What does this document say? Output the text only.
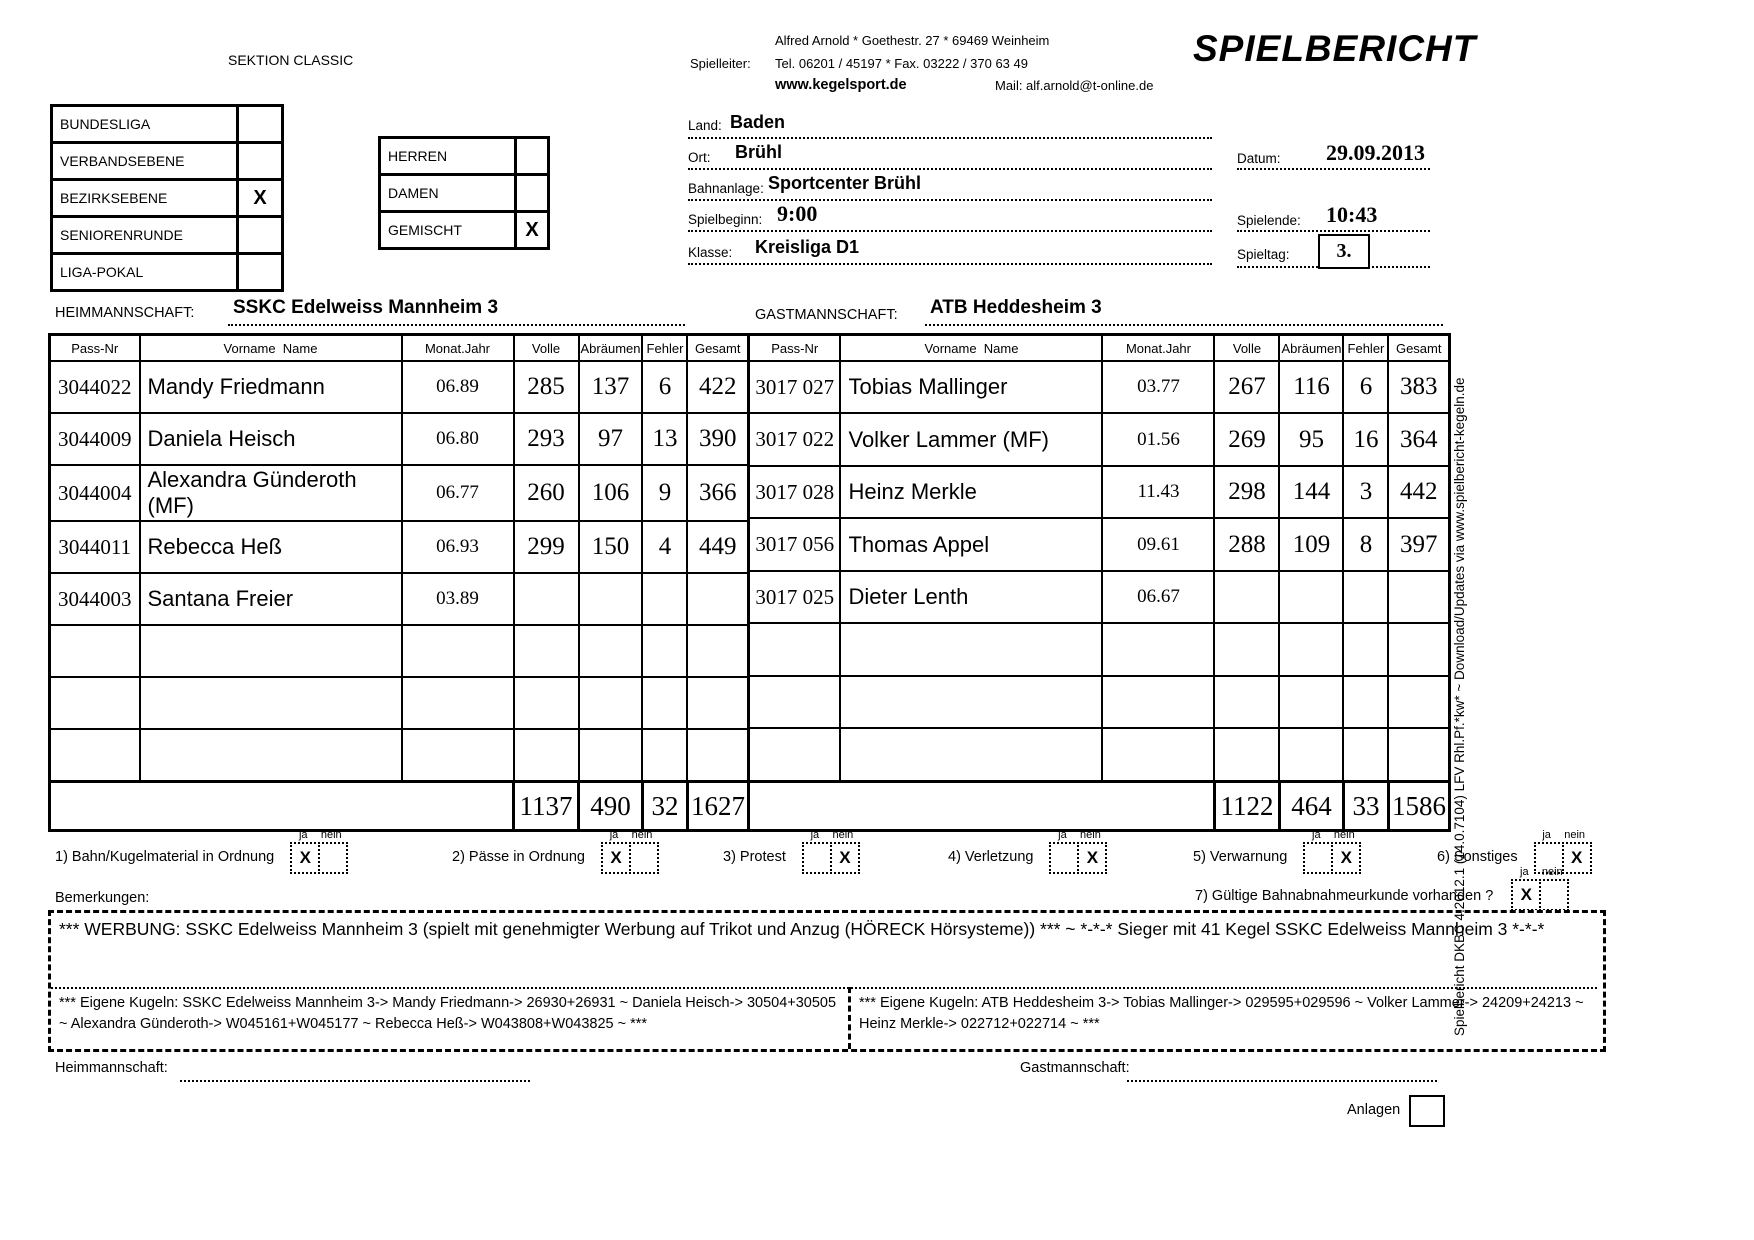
SEKTION CLASSIC	SPIELBERICHT
Spielleiter:
Alfred Arnold * Goethestr. 27 * 69469 Weinheim
Tel. 06201 / 45197 * Fax. 03222 / 370 63 49
www.kegelsport.de	Mail: alf.arnold@t-online.de
BUNDESLIGA	
VERBANDSEBENE	
BEZIRKSEBENE	X
SENIORENRUNDE	
LIGA-POKAL	
HERREN	
DAMEN	
GEMISCHT	X
Land: Baden
Ort: Brühl	Datum: 29.09.2013
Bahnanlage: Sportcenter Brühl
Spielbeginn: 9:00	Spielende: 10:43
Klasse: Kreisliga D1	Spieltag: 3.
HEIMMANNSCHAFT: SSKC Edelweiss Mannheim 3	GASTMANNSCHAFT: ATB Heddesheim 3
Pass-Nr	Vorname  Name	Monat.Jahr	Volle	Abräumen	Fehler	Gesamt
3044022	Mandy Friedmann	06.89	285	137	6	422
3044009	Daniela Heisch	06.80	293	97	13	390
3044004	Alexandra Günderoth (MF)	06.77	260	106	9	366
3044011	Rebecca Heß	06.93	299	150	4	449
3044003	Santana Freier	03.89				

			1137	490	32	1627
Pass-Nr	Vorname  Name	Monat.Jahr	Volle	Abräumen	Fehler	Gesamt
3017 027	Tobias Mallinger	03.77	267	116	6	383
3017 022	Volker Lammer (MF)	01.56	269	95	16	364
3017 028	Heinz Merkle	11.43	298	144	3	442
3017 056	Thomas Appel	09.61	288	109	8	397
3017 025	Dieter Lenth	06.67				

			1122	464	33	1586
1) Bahn/Kugelmaterial in Ordnung
ja	nein
X	2) Pässe in Ordnung
ja	nein
X	3) Protest
ja	nein
X	4) Verletzung
ja	nein
X	5) Verwarnung
ja	nein
X	6) Sonstiges
ja	nein
X
7) Gültige Bahnabnahmeurkunde vorhanden ?
ja	nein
X
Bemerkungen:
*** WERBUNG: SSKC Edelweiss Mannheim 3 (spielt mit genehmigter Werbung auf Trikot und Anzug (HÖRECK Hörsysteme)) *** ~ *-*-* Sieger mit 41 Kegel SSKC Edelweiss Mannheim 3 *-*-*
*** Eigene Kugeln: SSKC Edelweiss Mannheim 3-> Mandy Friedmann-> 26930+26931 ~ Daniela Heisch-> 30504+30505 ~ Alexandra Günderoth-> W045161+W045177 ~ Rebecca Heß-> W043808+W043825 ~ ***
*** Eigene Kugeln: ATB Heddesheim 3-> Tobias Mallinger-> 029595+029596 ~ Volker Lammer-> 24209+24213 ~ Heinz Merkle-> 022712+022714 ~ ***
Heimmannschaft:	Gastmannschaft:
Anlagen
Spielbericht DKBC 4.2012.1 (14.0.7104) LFV Rhl.Pf.*kw* ~ Download/Updates via www.spielbericht-kegeln.de
